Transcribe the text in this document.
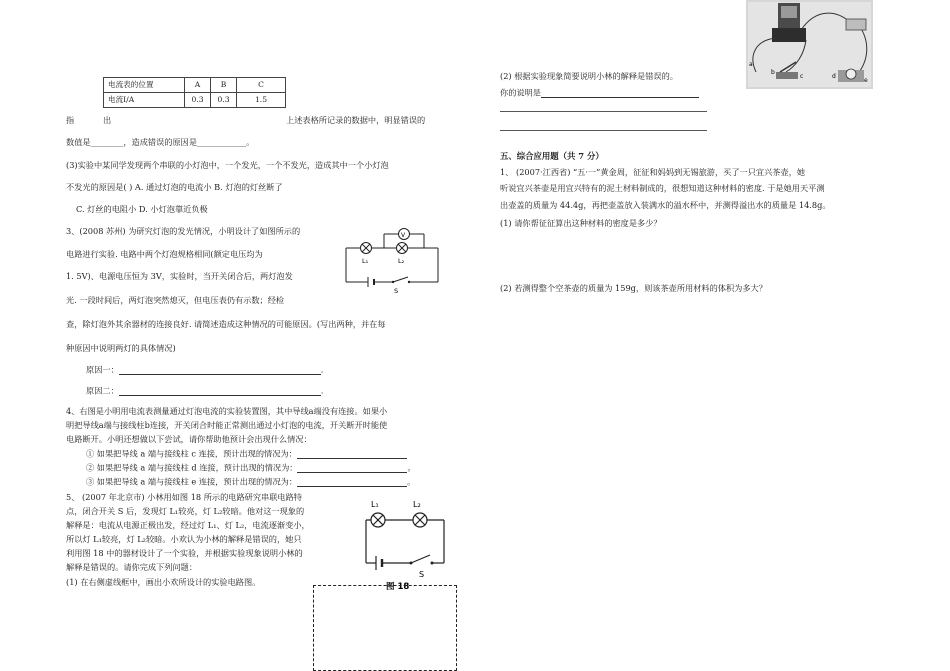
电流表的位置	A	B	C
电流I/A	0.3	0.3	1.5
指	出	上述表格所记录的数据中，明显错误的
数值是________，造成错误的原因是____________。
(3)实验中某同学发现两个串联的小灯泡中，一个发光，一个不发光，造成其中一个小灯泡
不发光的原因是( ) A. 通过灯泡的电流小 B. 灯泡的灯丝断了
C. 灯丝的电阻小 D. 小灯泡靠近负极
3、(2008 苏州) 为研究灯泡的发光情况，小明设计了如图所示的
电路进行实验. 电路中两个灯泡规格相同(额定电压均为
1. 5V)、电源电压恒为 3V，实验时，当开关闭合后，两灯泡发
光. 一段时间后，两灯泡突然熄灭，但电压表仍有示数；经检
查，除灯泡外其余器材的连接良好. 请简述造成这种情况的可能原因。(写出两种，并在每
种原因中说明两灯的具体情况)
原因一：	.
原因二：	.
4、右图是小明用电流表测量通过灯泡电流的实验装置图，其中导线a端没有连接。如果小
明把导线a端与接线柱b连接，开关闭合时能正常测出通过小灯泡的电流，开关断开时能使
电路断开。小明还想做以下尝试，请你帮助他预计会出现什么情况：
① 如果把导线 a 端与接线柱 c 连接，预计出现的情况为：
② 如果把导线 a 端与接线柱 d 连接，预计出现的情况为：	。
③ 如果把导线 a 端与接线柱 e 连接，预计出现的情况为：	。
5、 (2007 年北京市) 小林用如图 18 所示的电路研究串联电路特
点，闭合开关 S 后，发现灯 L₁较亮，灯 L₂较暗。他对这一现象的
解释是：电流从电源正极出发，经过灯 L₁、灯 L₂，电流逐渐变小，
所以灯 L₁较亮，灯 L₂较暗。小欢认为小林的解释是错误的，她只
利用图 18 中的器材设计了一个实验，并根据实验现象说明小林的
解释是错误的。请你完成下列问题：
(1) 在右侧虚线框中，画出小欢所设计的实验电路图。
V
L₁	L₂
S
L₁	L₂
S
图 18
a
b
c	d
e
(2) 根据实验现象简要说明小林的解释是错误的。
你的说明是
五、综合应用题（共 7 分）
1、 (2007·江西省) “五·一”黄金周，征征和妈妈到无锡旅游，买了一只宜兴茶壶，她
听说宜兴茶壶是用宜兴特有的泥土材料制成的，很想知道这种材料的密度. 于是她用天平测
出壶盖的质量为 44.4g，再把壶盖放入装满水的溢水杯中，并测得溢出水的质量是 14.8g。
(1) 请你帮征征算出这种材料的密度是多少？
(2) 若测得整个空茶壶的质量为 159g，则该茶壶所用材料的体积为多大？
